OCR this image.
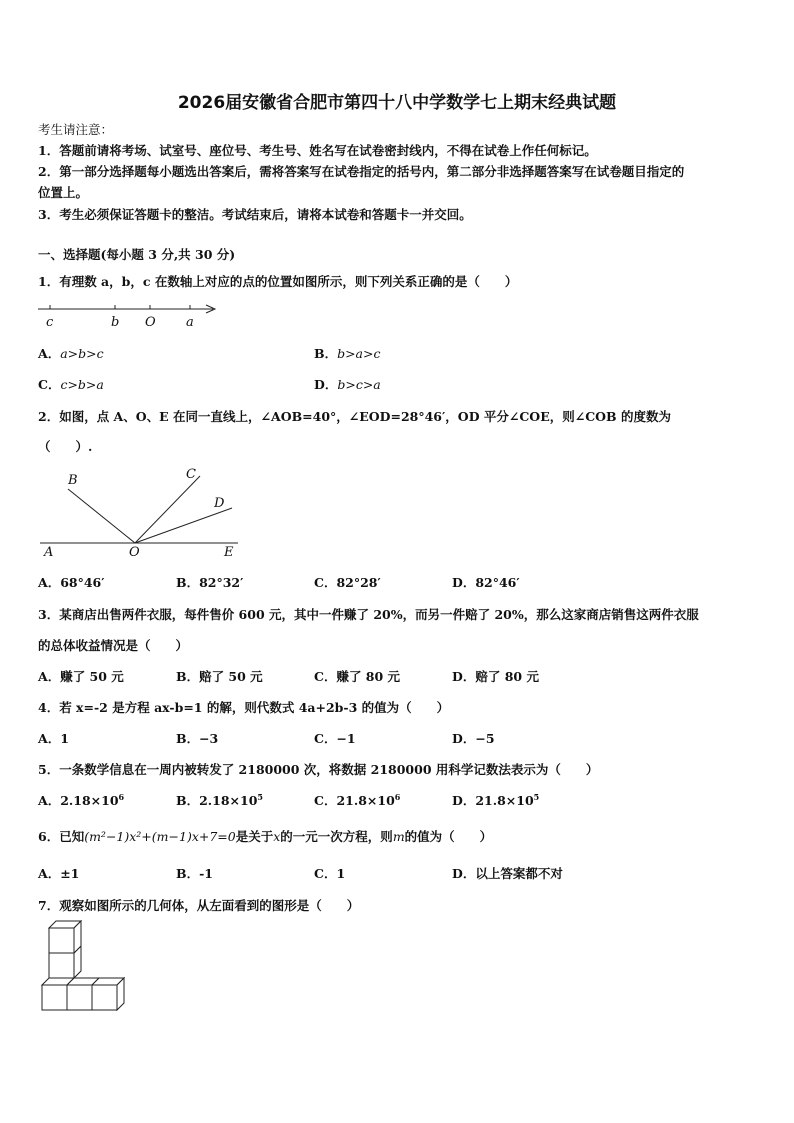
2026届安徽省合肥市第四十八中学数学七上期末经典试题
考生请注意：
1．答题前请将考场、试室号、座位号、考生号、姓名写在试卷密封线内，不得在试卷上作任何标记。
2．第一部分选择题每小题选出答案后，需将答案写在试卷指定的括号内，第二部分非选择题答案写在试卷题目指定的
位置上。
3．考生必须保证答题卡的整洁。考试结束后，请将本试卷和答题卡一并交回。
一、选择题(每小题 3 分,共 30 分)
1．有理数 a，b，c 在数轴上对应的点的位置如图所示，则下列关系正确的是（　　）
c	b O a
A．a>b>c	B．b>a>c
C．c>b>a	D．b>c>a
2．如图，点 A、O、E 在同一直线上，∠AOB=40°，∠EOD=28°46′，OD 平分∠COE，则∠COB 的度数为
（　　）.
B	C
D
A	O	E
A．68°46′	B．82°32′	C．82°28′	D．82°46′
3．某商店出售两件衣服，每件售价 600 元，其中一件赚了 20%，而另一件赔了 20%，那么这家商店销售这两件衣服
的总体收益情况是（　　）
A．赚了 50 元	B．赔了 50 元	C．赚了 80 元	D．赔了 80 元
4．若 x=-2 是方程 ax-b=1 的解，则代数式 4a+2b-3 的值为（　　）
A．1	B．−3	C．−1	D．−5
5．一条数学信息在一周内被转发了 2180000 次，将数据 2180000 用科学记数法表示为（　　）
A．$2.18\times 10^6$	B．$2.18\times 10^5$	C．$21.8\times 10^6$	D．$21.8\times 10^5$
6．已知(m²−1)x²+(m−1)x+7=0是关于x的一元一次方程，则m的值为（　　）
A．±1	B．-1	C．1	D．以上答案都不对
7．观察如图所示的几何体，从左面看到的图形是（　　）
